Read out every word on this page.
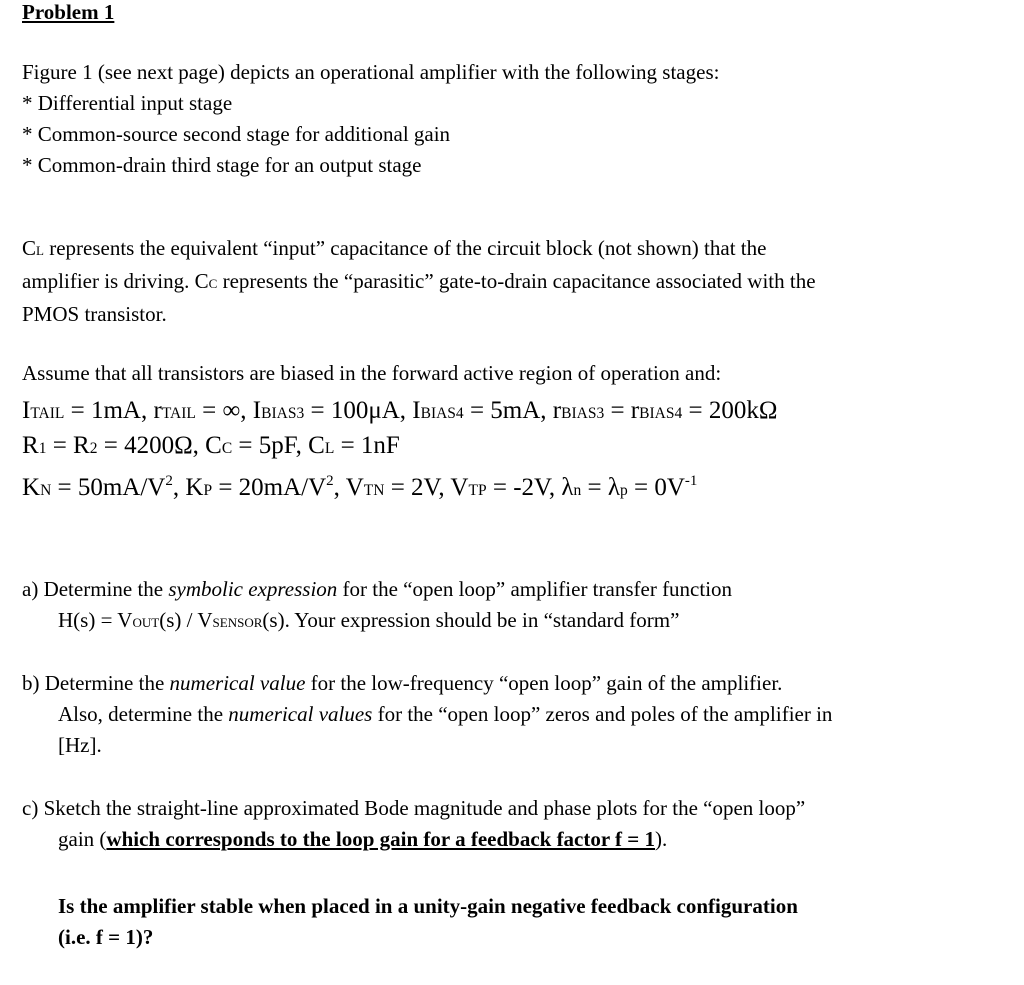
Problem 1
Figure 1 (see next page) depicts an operational amplifier with the following stages:
* Differential input stage
* Common-source second stage for additional gain
* Common-drain third stage for an output stage
CL represents the equivalent “input” capacitance of the circuit block (not shown) that the
amplifier is driving. CC represents the “parasitic” gate-to-drain capacitance associated with the
PMOS transistor.
Assume that all transistors are biased in the forward active region of operation and:
ITAIL = 1mA, rTAIL = ∞, IBIAS3 = 100μA, IBIAS4 = 5mA, rBIAS3 = rBIAS4 = 200kΩ
R1 = R2 = 4200Ω, CC = 5pF, CL = 1nF
KN = $50mA/V^2$, KP = $20mA/V^2$, VTN = 2V, VTP = -2V, $\lambda n = \lambda p = 0V^{-1}$
a) Determine the symbolic expression for the “open loop” amplifier transfer function
H(s) = VOUT(s) / VSENSOR(s). Your expression should be in “standard form”
b) Determine the numerical value for the low-frequency “open loop” gain of the amplifier.
Also, determine the numerical values for the “open loop” zeros and poles of the amplifier in
[Hz].
c) Sketch the straight-line approximated Bode magnitude and phase plots for the “open loop”
gain (which corresponds to the loop gain for a feedback factor f = 1).
Is the amplifier stable when placed in a unity-gain negative feedback configuration
(i.e. f = 1)?
